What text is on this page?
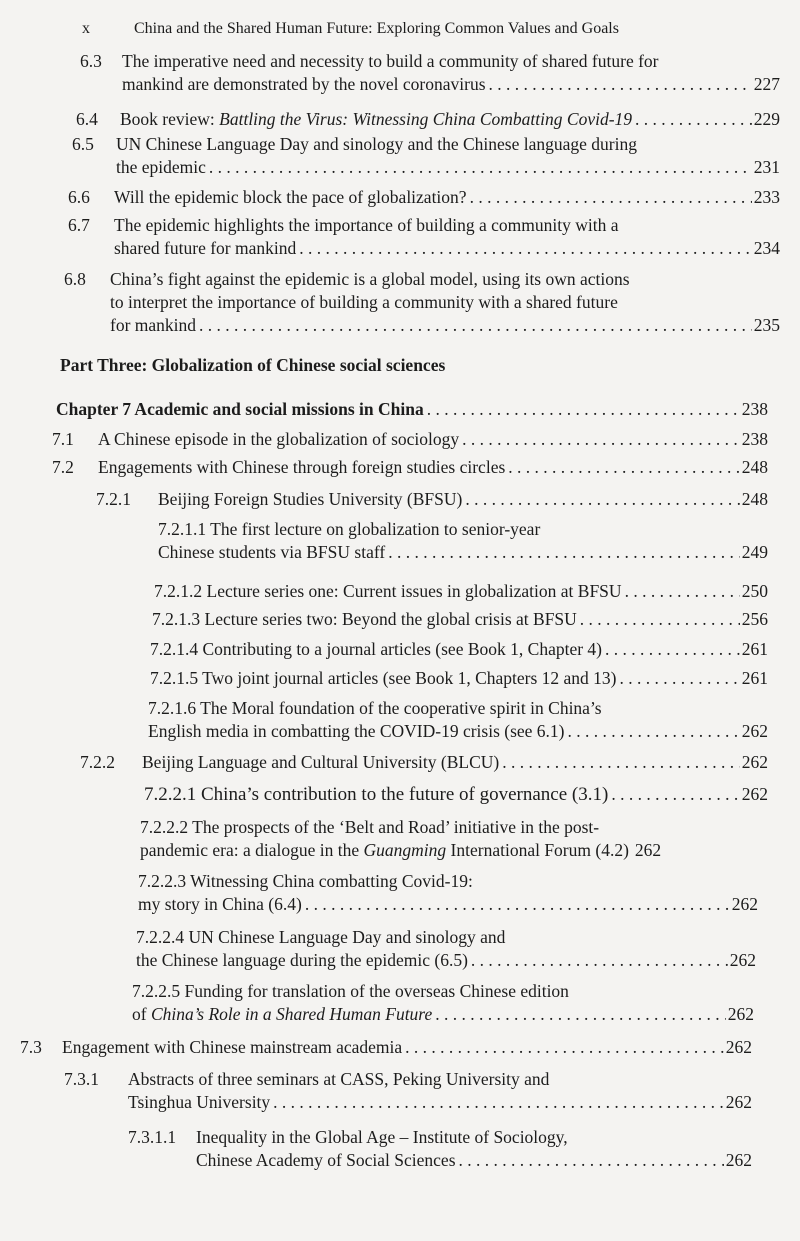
x	China and the Shared Human Future: Exploring Common Values and Goals
Part Three: Globalization of Chinese social sciences
6.3 The imperative need and necessity to build a community of shared future for
mankind are demonstrated by the novel coronavirus . . .	227
6.4 Book review: Battling the Virus: Witnessing China Combatting Covid-19 . . .	229
6.5 UN Chinese Language Day and sinology and the Chinese language during
the epidemic . . .	231
6.6 Will the epidemic block the pace of globalization? . . .	233
6.7 The epidemic highlights the importance of building a community with a
shared future for mankind . . .	234
6.8 China’s fight against the epidemic is a global model, using its own actions
to interpret the importance of building a community with a shared future
for mankind . . .	235
Chapter 7 Academic and social missions in China . . .	238
7.1 A Chinese episode in the globalization of sociology . . .	238
7.2 Engagements with Chinese through foreign studies circles . . .	248
7.2.1 Beijing Foreign Studies University (BFSU) . . .	248
7.2.1.1 The first lecture on globalization to senior-year
Chinese students via BFSU staff . . .	249
7.2.1.2 Lecture series one: Current issues in globalization at BFSU . . .	250
7.2.1.3 Lecture series two: Beyond the global crisis at BFSU . . .	256
7.2.1.4 Contributing to a journal articles (see Book 1, Chapter 4) . . .	261
7.2.1.5 Two joint journal articles (see Book 1, Chapters 12 and 13) . . .	261
7.2.1.6 The Moral foundation of the cooperative spirit in China’s
English media in combatting the COVID-19 crisis (see 6.1) . . .	262
7.2.2 Beijing Language and Cultural University (BLCU) . . .	262
7.2.2.1 China’s contribution to the future of governance (3.1) . . .	262
7.2.2.2 The prospects of the ‘Belt and Road’ initiative in the post-
pandemic era: a dialogue in the Guangming International Forum (4.2) 262
7.2.2.3 Witnessing China combatting Covid-19:
my story in China (6.4) . . .	262
7.2.2.4 UN Chinese Language Day and sinology and
the Chinese language during the epidemic (6.5) . . .	262
7.2.2.5 Funding for translation of the overseas Chinese edition
of China’s Role in a Shared Human Future . . .	262
7.3 Engagement with Chinese mainstream academia . . .	262
7.3.1 Abstracts of three seminars at CASS, Peking University and
Tsinghua University . . .	262
7.3.1.1 Inequality in the Global Age – Institute of Sociology,
Chinese Academy of Social Sciences . . .	262
